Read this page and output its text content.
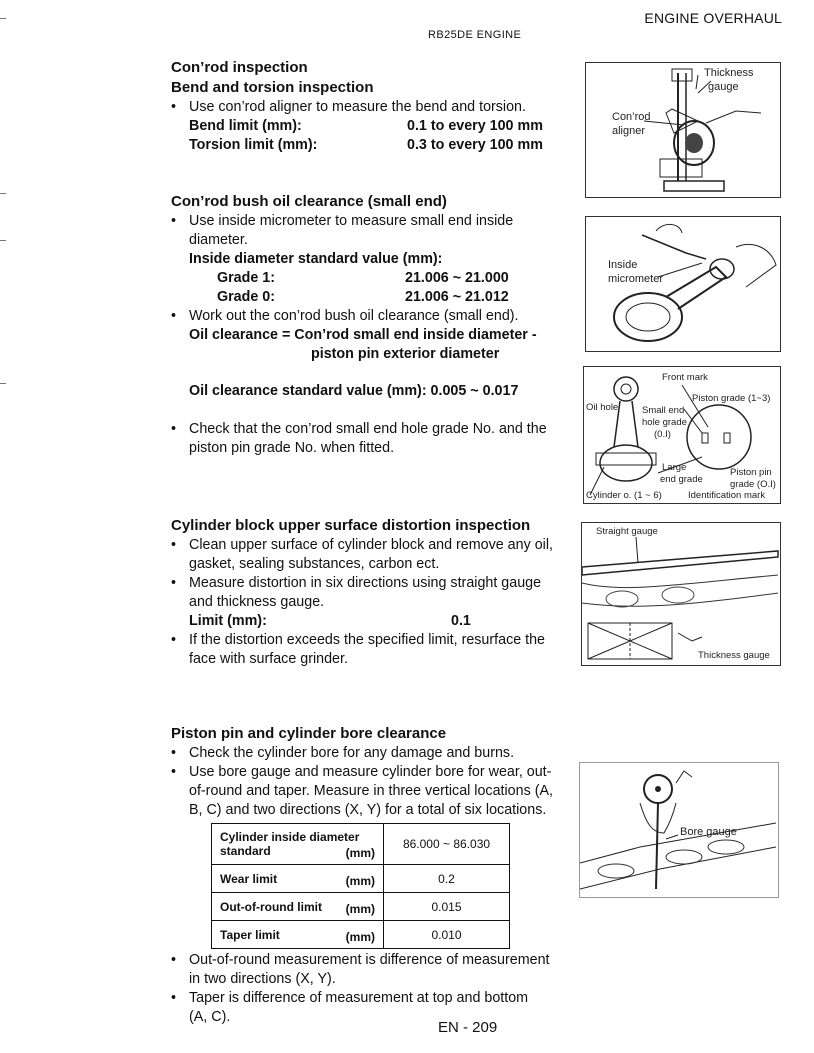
ENGINE OVERHAUL
RB25DE ENGINE
Con’rod inspection
Bend and torsion inspection
• Use con’rod aligner to measure the bend and torsion.
Bend limit (mm):	0.1 to every 100 mm
Torsion limit (mm):	0.3 to every 100 mm
Thickness
gauge
Con’rod
aligner
Con’rod bush oil clearance (small end)
• Use inside micrometer to measure small end inside
diameter.
Inside diameter standard value (mm):
Grade 1:	21.006 ~ 21.000
Grade 0:	21.006 ~ 21.012
• Work out the con’rod bush oil clearance (small end).
Oil clearance = Con’rod small end inside diameter -
piston pin exterior diameter
Oil clearance standard value (mm): 0.005 ~ 0.017
• Check that the con’rod small end hole grade No. and the
piston pin grade No. when fitted.
Inside
micrometer
Front mark
Piston grade (1~3)
Oil hole	Small end
hole grade
(0.I)
Large
end grade
Piston pin
grade (O.I)
Cylinder o. (1 ~ 6)	Identification mark
Cylinder block upper surface distortion inspection
• Clean upper surface of cylinder block and remove any oil,
gasket, sealing substances, carbon ect.
• Measure distortion in six directions using straight gauge
and thickness gauge.
Limit (mm):	0.1
• If the distortion exceeds the specified limit, resurface the
face with surface grinder.
Straight gauge
Thickness gauge
Piston pin and cylinder bore clearance
• Check the cylinder bore for any damage and burns.
• Use bore gauge and measure cylinder bore for wear, out-
of-round and taper. Measure in three vertical locations (A,
B, C) and two directions (X, Y) for a total of six locations.
Cylinder inside diameter
standard (mm)	86.000 ~ 86.030
Wear limit (mm)	0.2
Out-of-round limit (mm)	0.015
Taper limit (mm)	0.010
• Out-of-round measurement is difference of measurement
in two directions (X, Y).
• Taper is difference of measurement at top and bottom
(A, C).
Bore gauge
EN - 209
